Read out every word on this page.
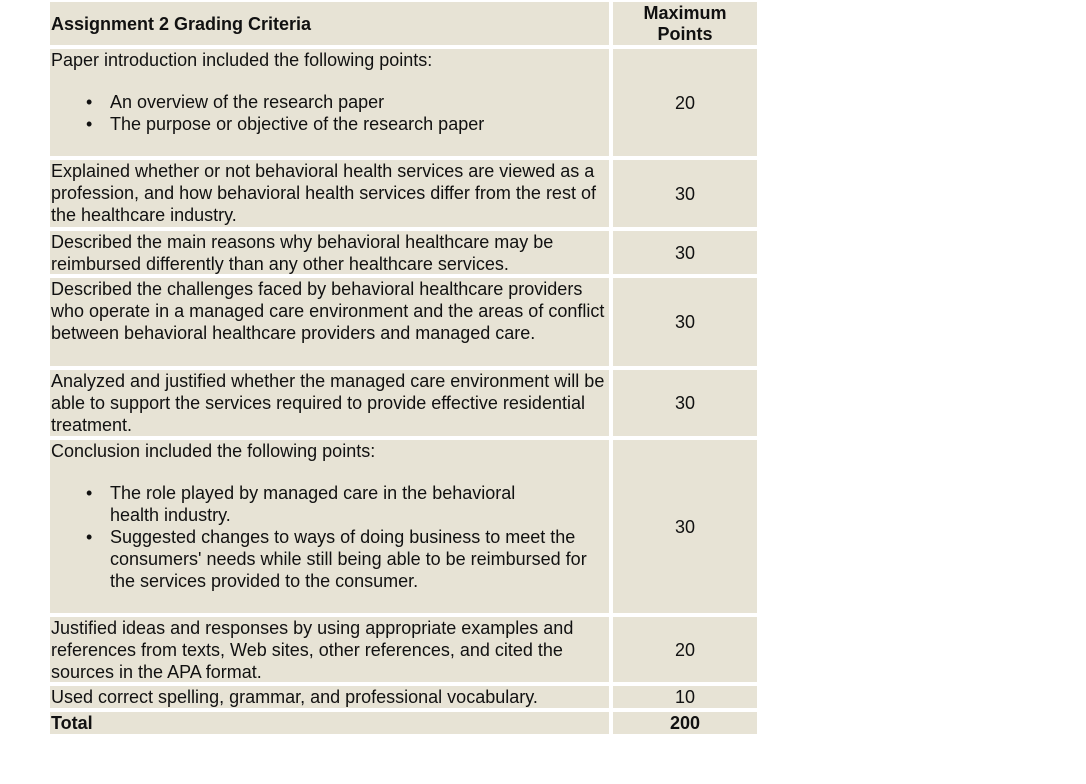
Assignment 2 Grading Criteria
Maximum
Points
Paper introduction included the following points:
• An overview of the research paper
• The purpose or objective of the research paper
20
Explained whether or not behavioral health services are viewed as a profession, and how behavioral health services differ from the rest of the healthcare industry.
30
Described the main reasons why behavioral healthcare may be reimbursed differently than any other healthcare services.
30
Described the challenges faced by behavioral healthcare providers who operate in a managed care environment and the areas of conflict between behavioral healthcare providers and managed care.
30
Analyzed and justified whether the managed care environment will be able to support the services required to provide effective residential treatment.
30
Conclusion included the following points:
• The role played by managed care in the behavioral health industry.
• Suggested changes to ways of doing business to meet the consumers' needs while still being able to be reimbursed for the services provided to the consumer.
30
Justified ideas and responses by using appropriate examples and references from texts, Web sites, other references, and cited the sources in the APA format.
20
Used correct spelling, grammar, and professional vocabulary.	10
Total	200
